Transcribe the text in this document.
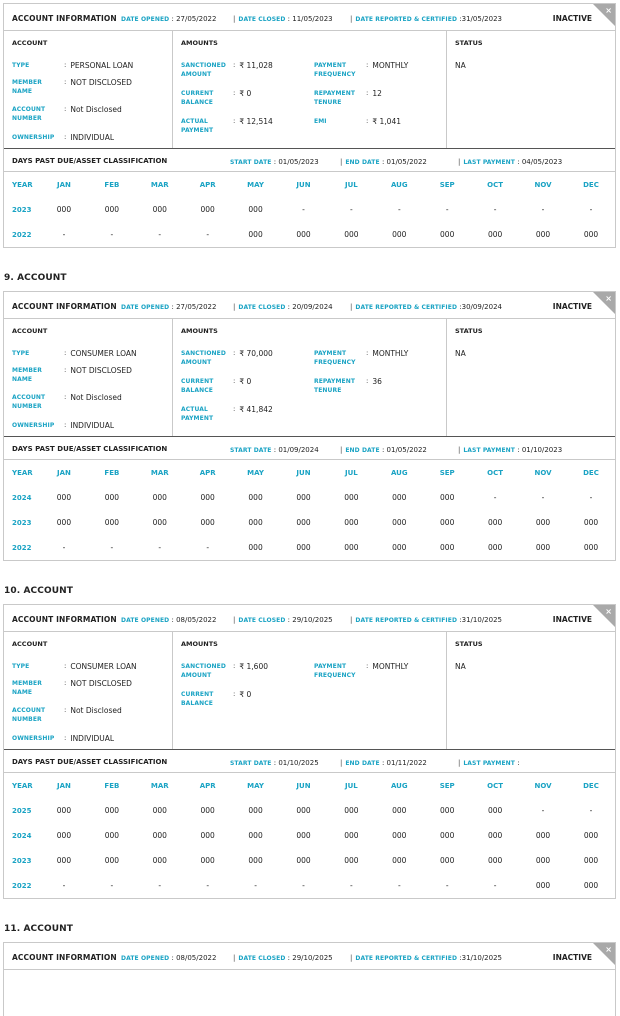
ACCOUNT INFORMATION DATE OPENED : 27/05/2022	| DATE CLOSED : 11/05/2023	| DATE REPORTED & CERTIFIED :31/05/2023	INACTIVE
×
ACCOUNT
TYPE	: PERSONAL LOAN
MEMBER
NAME
: NOT DISCLOSED
ACCOUNT
NUMBER
: Not Disclosed
OWNERSHIP	: INDIVIDUAL
AMOUNTS
SANCTIONED
AMOUNT
: ₹ 11,028
CURRENT
BALANCE
: ₹ 0
ACTUAL
PAYMENT
: ₹ 12,514
PAYMENT
FREQUENCY
: MONTHLY
REPAYMENT
TENURE
: 12
EMI	: ₹ 1,041
STATUS
NA
DAYS PAST DUE/ASSET CLASSIFICATION	START DATE : 01/05/2023	| END DATE : 01/05/2022	| LAST PAYMENT : 04/05/2023
YEAR	JAN	FEB	MAR	APR	MAY	JUN	JUL	AUG	SEP	OCT	NOV	DEC
2023	000	000	000	000	000	-	-	-	-	-	-	-
2022	-	-	-	-	000	000	000	000	000	000	000	000
9. ACCOUNT
ACCOUNT INFORMATION DATE OPENED : 27/05/2022	| DATE CLOSED : 20/09/2024	| DATE REPORTED & CERTIFIED :30/09/2024	INACTIVE
×
ACCOUNT
TYPE	: CONSUMER LOAN
MEMBER
NAME
: NOT DISCLOSED
ACCOUNT
NUMBER
: Not Disclosed
OWNERSHIP	: INDIVIDUAL
AMOUNTS
SANCTIONED
AMOUNT
: ₹ 70,000
CURRENT
BALANCE
: ₹ 0
ACTUAL
PAYMENT
: ₹ 41,842
PAYMENT
FREQUENCY
: MONTHLY
REPAYMENT
TENURE
: 36
STATUS
NA
DAYS PAST DUE/ASSET CLASSIFICATION	START DATE : 01/09/2024	| END DATE : 01/05/2022	| LAST PAYMENT : 01/10/2023
YEAR	JAN	FEB	MAR	APR	MAY	JUN	JUL	AUG	SEP	OCT	NOV	DEC
2024	000	000	000	000	000	000	000	000	000	-	-	-
2023	000	000	000	000	000	000	000	000	000	000	000	000
2022	-	-	-	-	000	000	000	000	000	000	000	000
10. ACCOUNT
ACCOUNT INFORMATION DATE OPENED : 08/05/2022	| DATE CLOSED : 29/10/2025	| DATE REPORTED & CERTIFIED :31/10/2025	INACTIVE
×
ACCOUNT
TYPE	: CONSUMER LOAN
MEMBER
NAME
: NOT DISCLOSED
ACCOUNT
NUMBER
: Not Disclosed
OWNERSHIP	: INDIVIDUAL
AMOUNTS
SANCTIONED
AMOUNT
: ₹ 1,600
CURRENT
BALANCE
: ₹ 0
PAYMENT
FREQUENCY
: MONTHLY
STATUS
NA
DAYS PAST DUE/ASSET CLASSIFICATION	START DATE : 01/10/2025	| END DATE : 01/11/2022	| LAST PAYMENT :
YEAR	JAN	FEB	MAR	APR	MAY	JUN	JUL	AUG	SEP	OCT	NOV	DEC
2025	000	000	000	000	000	000	000	000	000	000	-	-
2024	000	000	000	000	000	000	000	000	000	000	000	000
2023	000	000	000	000	000	000	000	000	000	000	000	000
2022	-	-	-	-	-	-	-	-	-	-	000	000
11. ACCOUNT
ACCOUNT INFORMATION DATE OPENED : 08/05/2022	| DATE CLOSED : 29/10/2025	| DATE REPORTED & CERTIFIED :31/10/2025	INACTIVE
×
